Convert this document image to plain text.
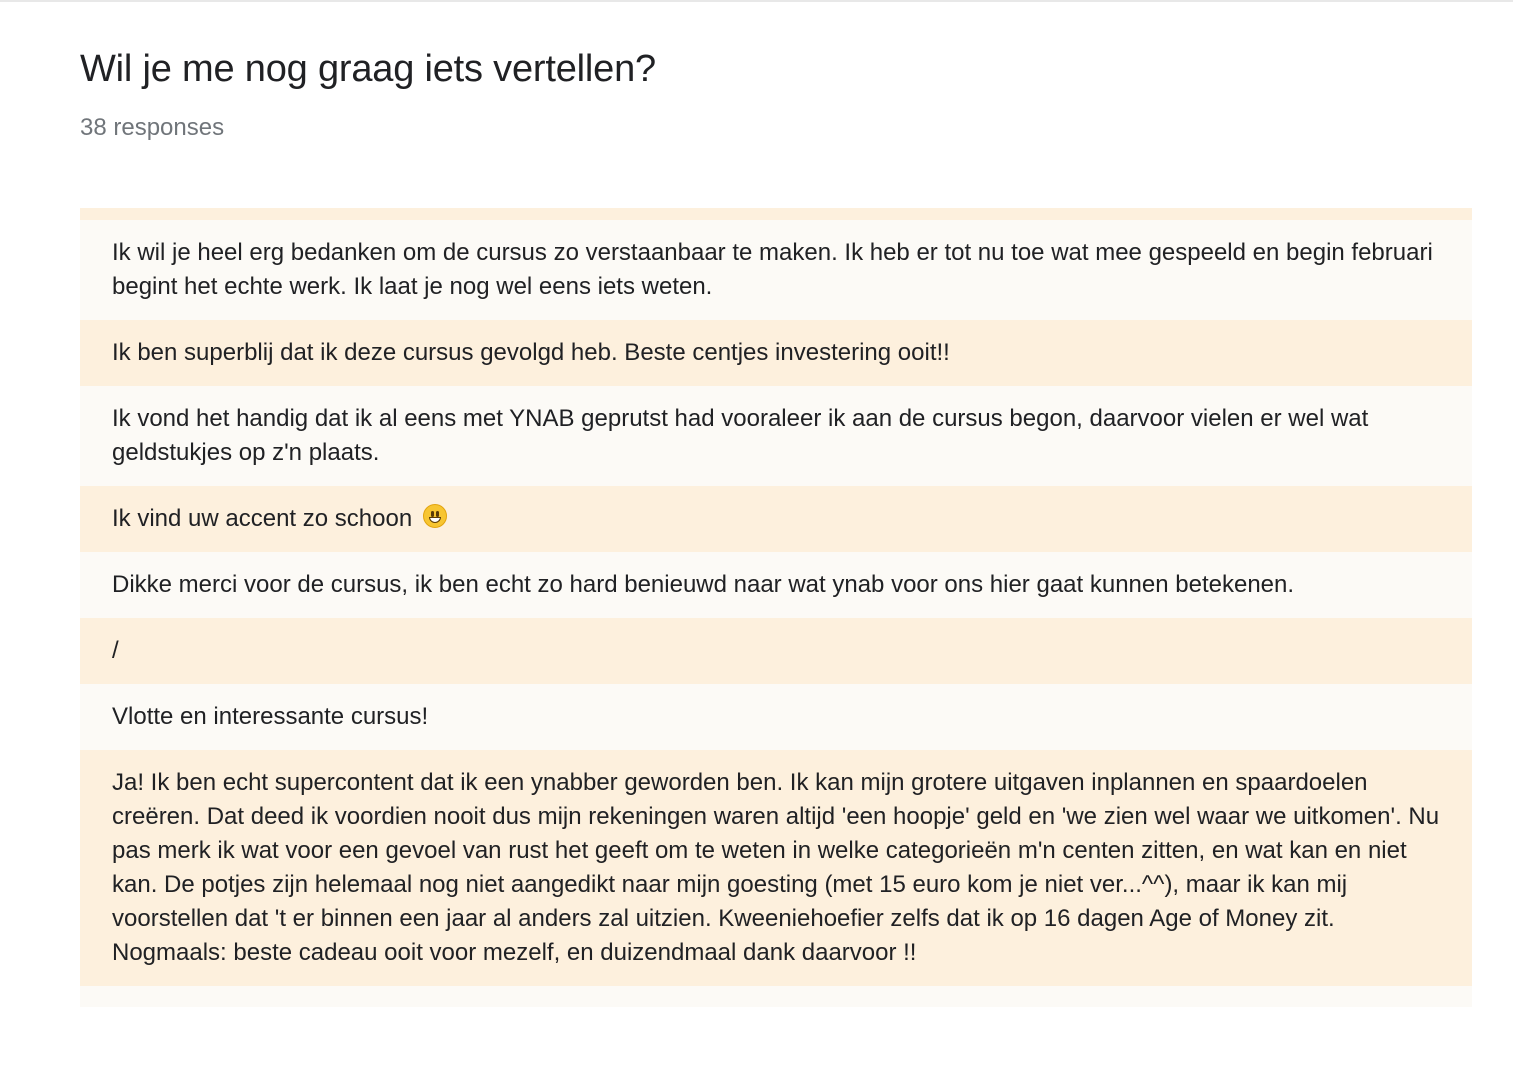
Wil je me nog graag iets vertellen?
38 responses
Ik wil je heel erg bedanken om de cursus zo verstaanbaar te maken. Ik heb er tot nu toe wat mee gespeeld en begin februari begint het echte werk. Ik laat je nog wel eens iets weten.
Ik ben superblij dat ik deze cursus gevolgd heb. Beste centjes investering ooit!!
Ik vond het handig dat ik al eens met YNAB geprutst had vooraleer ik aan de cursus begon, daarvoor vielen er wel wat geldstukjes op z'n plaats.
Ik vind uw accent zo schoon
Dikke merci voor de cursus, ik ben echt zo hard benieuwd naar wat ynab voor ons hier gaat kunnen betekenen.
/
Vlotte en interessante cursus!
Ja! Ik ben echt supercontent dat ik een ynabber geworden ben. Ik kan mijn grotere uitgaven inplannen en spaardoelen creëren. Dat deed ik voordien nooit dus mijn rekeningen waren altijd 'een hoopje' geld en 'we zien wel waar we uitkomen'. Nu pas merk ik wat voor een gevoel van rust het geeft om te weten in welke categorieën m'n centen zitten, en wat kan en niet kan. De potjes zijn helemaal nog niet aangedikt naar mijn goesting (met 15 euro kom je niet ver...^^), maar ik kan mij voorstellen dat 't er binnen een jaar al anders zal uitzien. Kweeniehoefier zelfs dat ik op 16 dagen Age of Money zit. Nogmaals: beste cadeau ooit voor mezelf, en duizendmaal dank daarvoor !!
